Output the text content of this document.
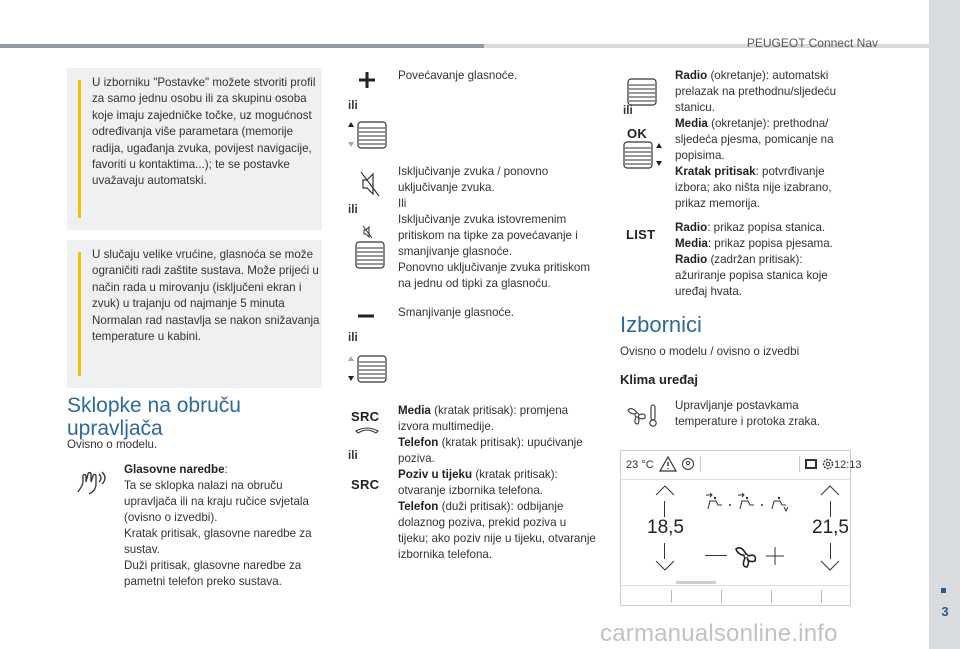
PEUGEOT Connect Nav
3
U izborniku "Postavke" možete stvoriti profil za samo jednu osobu ili za skupinu osoba koje imaju zajedničke točke, uz mogućnost određivanja više parametara (memorije radija, ugađanja zvuka, povijest navigacije, favoriti u kontaktima...); te se postavke uvažavaju automatski.
U slučaju velike vrućine, glasnoća se može ograničiti radi zaštite sustava. Može prijeći u način rada u mirovanju (isključeni ekran i zvuk) u trajanju od najmanje 5 minuta
Normalan rad nastavlja se nakon snižavanja temperature u kabini.
Sklopke na obruču
upravljača
Ovisno o modelu.
Glasovne naredbe:
Ta se sklopka nalazi na obruču upravljača ili na kraju ručice svjetala (ovisno o izvedbi).
Kratak pritisak, glasovne naredbe za sustav.
Duži pritisak, glasovne naredbe za pametni telefon preko sustava.
ili
Povećavanje glasnoće.
ili
Isključivanje zvuka / ponovno uključivanje zvuka.
Ili
Isključivanje zvuka istovremenim pritiskom na tipke za povećavanje i smanjivanje glasnoće.
Ponovno uključivanje zvuka pritiskom na jednu od tipki za glasnoću.
ili
Smanjivanje glasnoće.
SRC
ili
SRC
Media (kratak pritisak): promjena izvora multimedije.
Telefon (kratak pritisak): upućivanje poziva.
Poziv u tijeku (kratak pritisak): otvaranje izbornika telefona.
Telefon (duži pritisak): odbijanje dolaznog poziva, prekid poziva u tijeku; ako poziv nije u tijeku, otvaranje izbornika telefona.
ili
OK
Radio (okretanje): automatski prelazak na prethodnu/sljedeću stanicu.
Media (okretanje): prethodna/ sljedeća pjesma, pomicanje na popisima.
Kratak pritisak: potvrđivanje izbora; ako ništa nije izabrano, prikaz memorija.
LIST Radio: prikaz popisa stanica.
Media: prikaz popisa pjesama.
Radio (zadržan pritisak): ažuriranje popisa stanica koje uređaj hvata.
Izbornici
Ovisno o modelu / ovisno o izvedbi
Klima uređaj
Upravljanje postavkama temperature i protoka zraka.
23 °C	12:13
18,5	21,5
carmanualsonline.info
